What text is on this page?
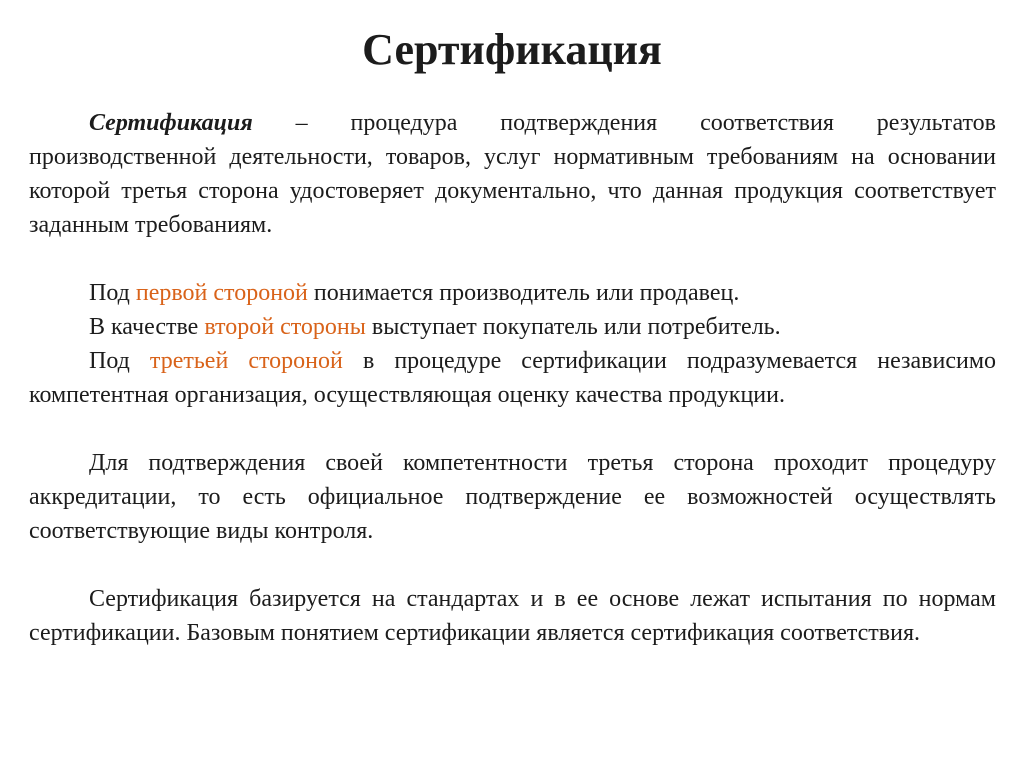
Сертификация

Сертификация – процедура подтверждения соответствия результатов производственной деятельности, товаров, услуг нормативным требованиям на основании которой третья сторона удостоверяет документально, что данная продукция соответствует заданным требованиям.

Под первой стороной понимается производитель или продавец.

В качестве второй стороны выступает покупатель или потребитель.

Под третьей стороной в процедуре сертификации подразумевается независимо компетентная организация, осуществляющая оценку качества продукции.

Для подтверждения своей компетентности третья сторона проходит процедуру аккредитации, то есть официальное подтверждение ее возможностей осуществлять соответствующие виды контроля.

Сертификация базируется на стандартах и в ее основе лежат испытания по нормам сертификации. Базовым понятием сертификации является сертификация соответствия.
